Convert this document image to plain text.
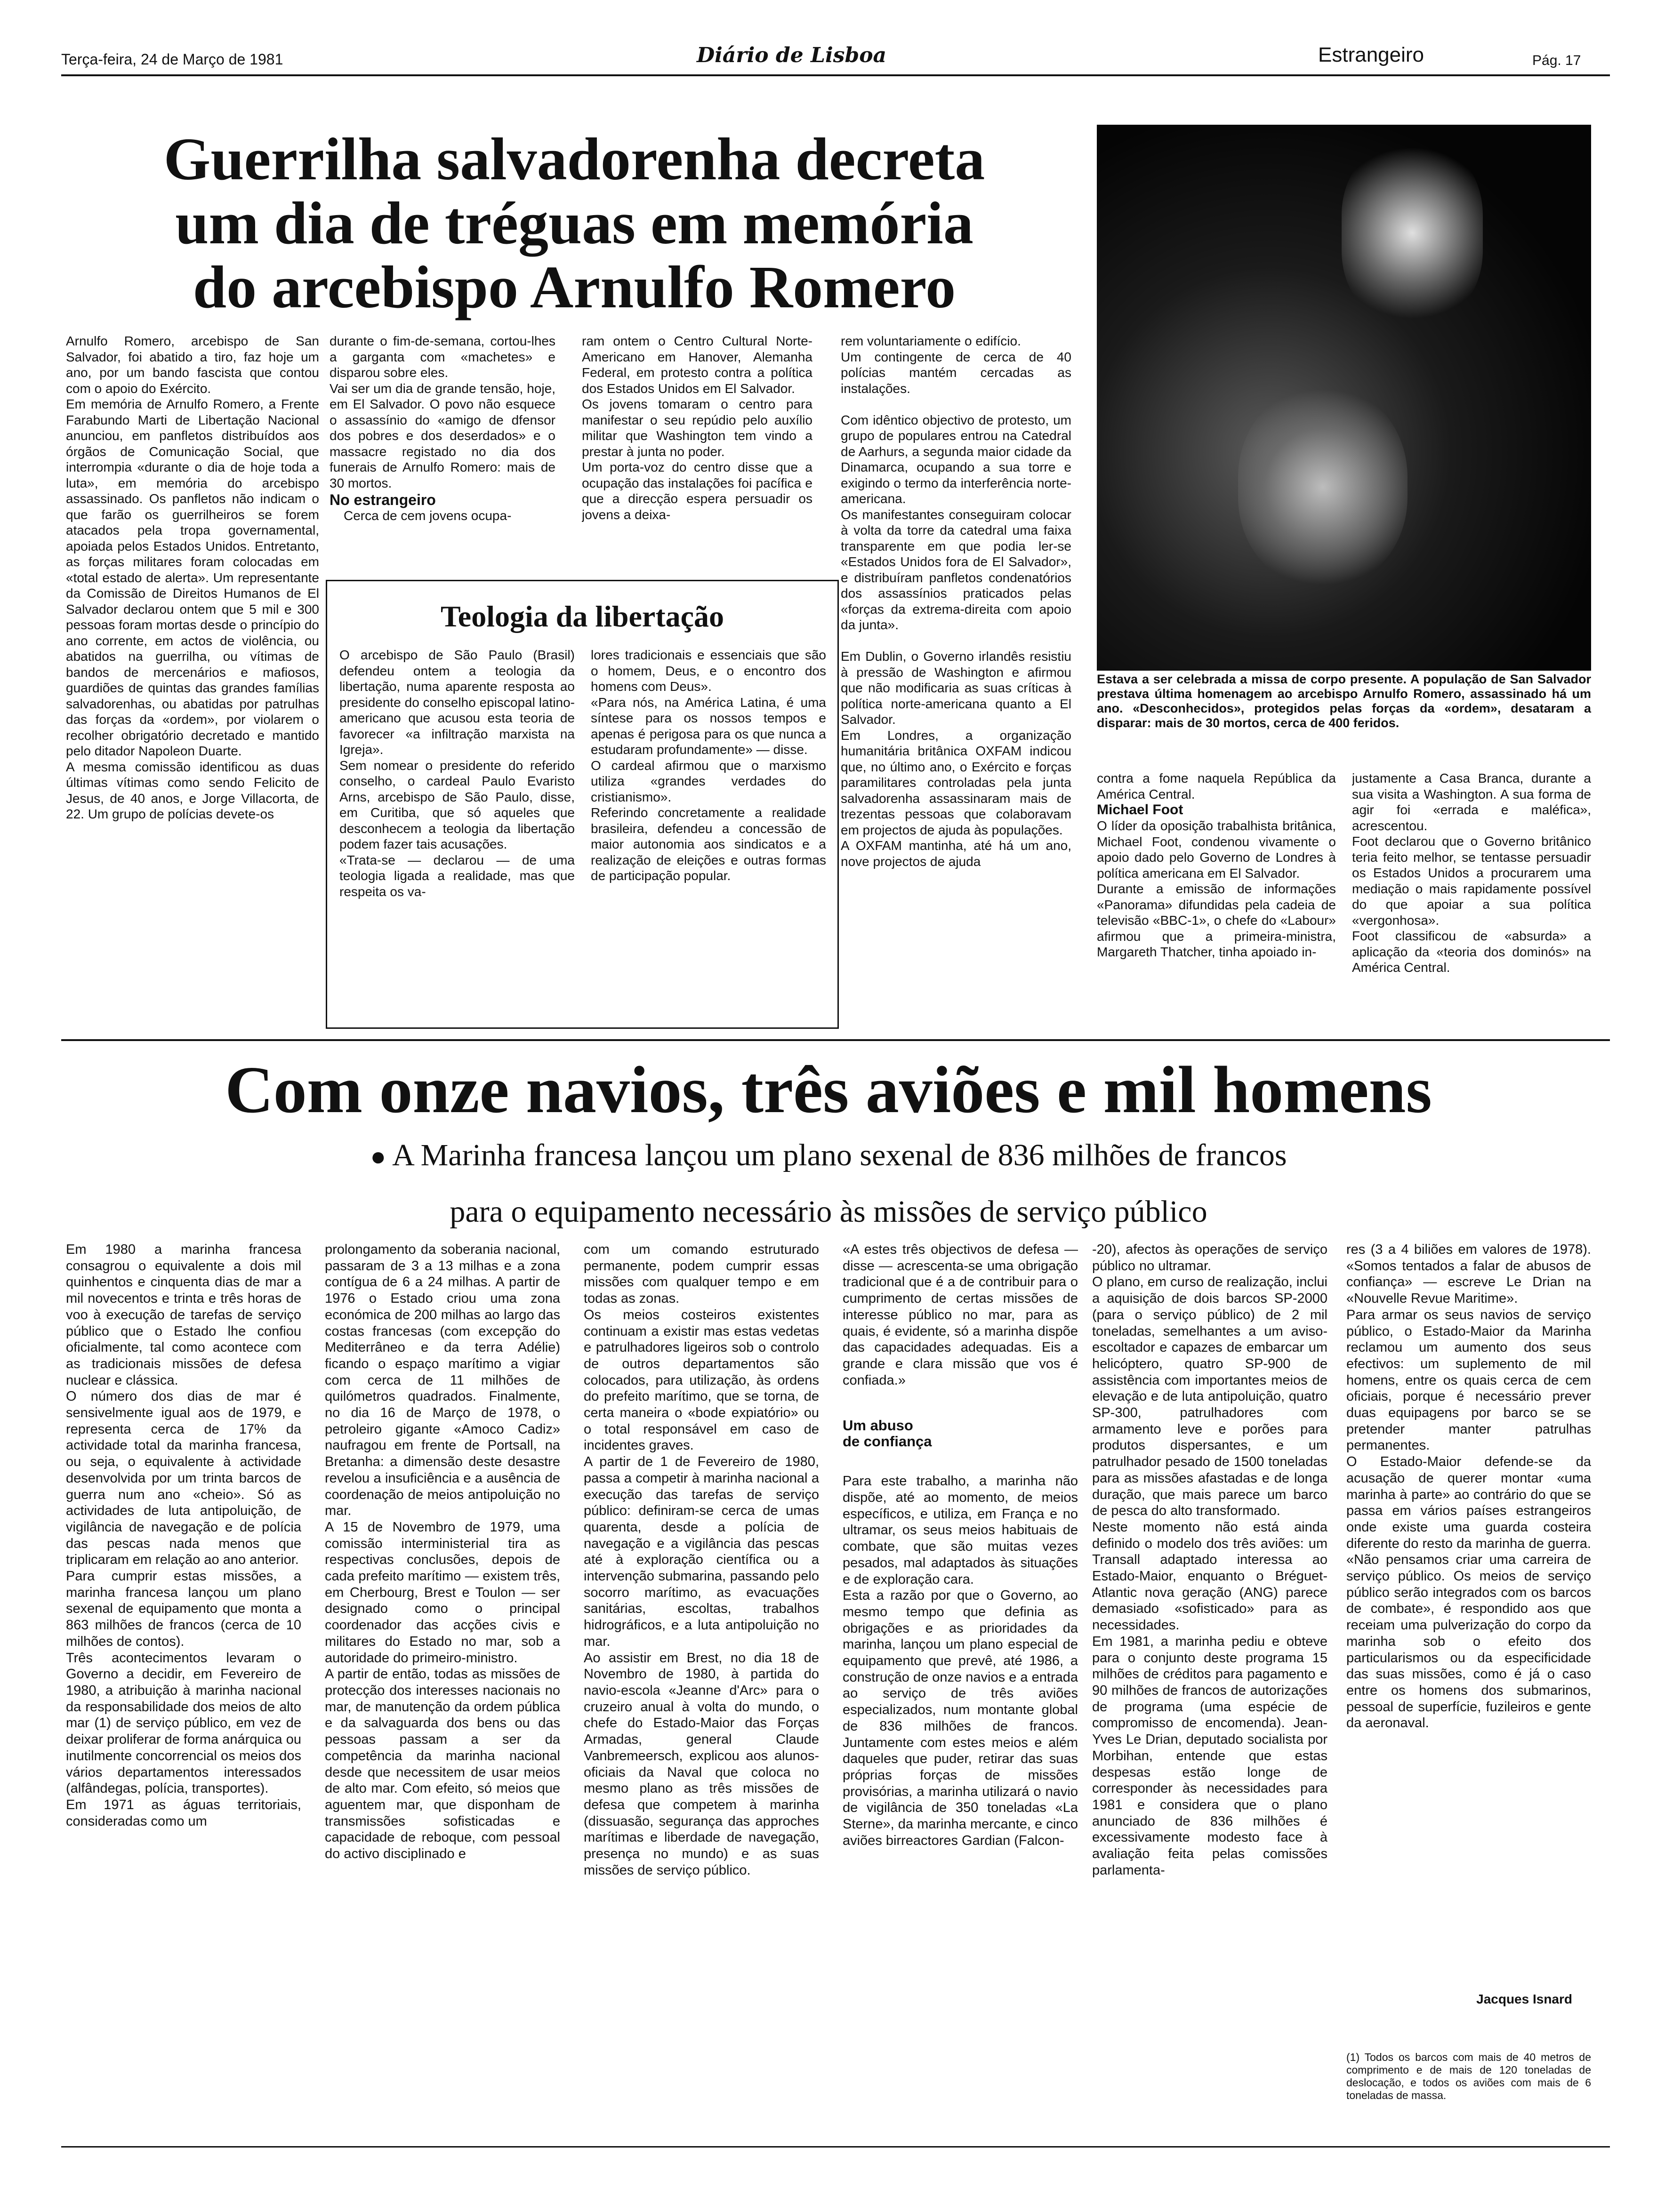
Terça-feira, 24 de Março de 1981	Diário de Lisboa	Estrangeiro	Pág. 17
Guerrilha salvadorenha decreta um dia de tréguas em memória do arcebispo Arnulfo Romero
Arnulfo Romero, arcebispo de San Salvador, foi abatido a tiro, faz hoje um ano, por um bando fascista que contou com o apoio do Exército.
Em memória de Arnulfo Romero, a Frente Farabundo Marti de Libertação Nacional anunciou, em panfletos distribuídos aos órgãos de Comunicação Social, que interrompia «durante o dia de hoje toda a luta», em memória do arcebispo assassinado. Os panfletos não indicam o que farão os guerrilheiros se forem atacados pela tropa governamental, apoiada pelos Estados Unidos. Entretanto, as forças militares foram colocadas em «total estado de alerta». Um representante da Comissão de Direitos Humanos de El Salvador declarou ontem que 5 mil e 300 pessoas foram mortas desde o princípio do ano corrente, em actos de violência, ou abatidos na guerrilha, ou vítimas de bandos de mercenários e mafiosos, guardiões de quintas das grandes famílias salvadorenhas, ou abatidas por patrulhas das forças da «ordem», por violarem o recolher obrigatório decretado e mantido pelo ditador Napoleon Duarte.
A mesma comissão identificou as duas últimas vítimas como sendo Felicito de Jesus, de 40 anos, e Jorge Villacorta, de 22. Um grupo de polícias devete-os
durante o fim-de-semana, cortou-lhes a garganta com «machetes» e disparou sobre eles.
Vai ser um dia de grande tensão, hoje, em El Salvador. O povo não esquece o assassínio do «amigo de dfensor dos pobres e dos deserdados» e o massacre registado no dia dos funerais de Arnulfo Romero: mais de 30 mortos.
No estrangeiro
Cerca de cem jovens ocupa-
ram ontem o Centro Cultural Norte-Americano em Hanover, Alemanha Federal, em protesto contra a política dos Estados Unidos em El Salvador.
Os jovens tomaram o centro para manifestar o seu repúdio pelo auxílio militar que Washington tem vindo a prestar à junta no poder.
Um porta-voz do centro disse que a ocupação das instalações foi pacífica e que a direcção espera persuadir os jovens a deixa-
rem voluntariamente o edifício.
Um contingente de cerca de 40 polícias mantém cercadas as instalações.

Com idêntico objectivo de protesto, um grupo de populares entrou na Catedral de Aarhurs, a segunda maior cidade da Dinamarca, ocupando a sua torre e exigindo o termo da interferência norte-americana.
Os manifestantes conseguiram colocar à volta da torre da catedral uma faixa transparente em que podia ler-se «Estados Unidos fora de El Salvador», e distribuíram panfletos condenatórios dos assassínios praticados pelas «forças da extrema-direita com apoio da junta».

Em Dublin, o Governo irlandês resistiu à pressão de Washington e afirmou que não modificaria as suas críticas à política norte-americana quanto a El Salvador.
Em Londres, a organização humanitária britânica OXFAM indicou que, no último ano, o Exército e forças paramilitares controladas pela junta salvadorenha assassinaram mais de trezentas pessoas que colaboravam em projectos de ajuda às populações.
A OXFAM mantinha, até há um ano, nove projectos de ajuda
Estava a ser celebrada a missa de corpo presente. A população de San Salvador prestava última homenagem ao arcebispo Arnulfo Romero, assassinado há um ano. «Desconhecidos», protegidos pelas forças da «ordem», desataram a disparar: mais de 30 mortos, cerca de 400 feridos.
contra a fome naquela República da América Central.
Michael Foot
O líder da oposição trabalhista britânica, Michael Foot, condenou vivamente o apoio dado pelo Governo de Londres à política americana em El Salvador.
Durante a emissão de informações «Panorama» difundidas pela cadeia de televisão «BBC-1», o chefe do «Labour» afirmou que a primeira-ministra, Margareth Thatcher, tinha apoiado in-
justamente a Casa Branca, durante a sua visita a Washington. A sua forma de agir foi «errada e maléfica», acrescentou.
Foot declarou que o Governo britânico teria feito melhor, se tentasse persuadir os Estados Unidos a procurarem uma mediação o mais rapidamente possível do que apoiar a sua política «vergonhosa».
Foot classificou de «absurda» a aplicação da «teoria dos dominós» na América Central.
Teologia da libertação
O arcebispo de São Paulo (Brasil) defendeu ontem a teologia da libertação, numa aparente resposta ao presidente do conselho episcopal latino-americano que acusou esta teoria de favorecer «a infiltração marxista na Igreja».
Sem nomear o presidente do referido conselho, o cardeal Paulo Evaristo Arns, arcebispo de São Paulo, disse, em Curitiba, que só aqueles que desconhecem a teologia da libertação podem fazer tais acusações.
«Trata-se — declarou — de uma teologia ligada a realidade, mas que respeita os va-
lores tradicionais e essenciais que são o homem, Deus, e o encontro dos homens com Deus».
«Para nós, na América Latina, é uma síntese para os nossos tempos e apenas é perigosa para os que nunca a estudaram profundamente» — disse.
O cardeal afirmou que o marxismo utiliza «grandes verdades do cristianismo».
Referindo concretamente a realidade brasileira, defendeu a concessão de maior autonomia aos sindicatos e a realização de eleições e outras formas de participação popular.
Com onze navios, três aviões e mil homens
● A Marinha francesa lançou um plano sexenal de 836 milhões de francos
para o equipamento necessário às missões de serviço público
Em 1980 a marinha francesa consagrou o equivalente a dois mil quinhentos e cinquenta dias de mar a mil novecentos e trinta e três horas de voo à execução de tarefas de serviço público que o Estado lhe confiou oficialmente, tal como acontece com as tradicionais missões de defesa nuclear e clássica.
O número dos dias de mar é sensivelmente igual aos de 1979, e representa cerca de 17% da actividade total da marinha francesa, ou seja, o equivalente à actividade desenvolvida por um trinta barcos de guerra num ano «cheio». Só as actividades de luta antipoluição, de vigilância de navegação e de polícia das pescas nada menos que triplicaram em relação ao ano anterior.
Para cumprir estas missões, a marinha francesa lançou um plano sexenal de equipamento que monta a 863 milhões de francos (cerca de 10 milhões de contos).
Três acontecimentos levaram o Governo a decidir, em Fevereiro de 1980, a atribuição à marinha nacional da responsabilidade dos meios de alto mar (1) de serviço público, em vez de deixar proliferar de forma anárquica ou inutilmente concorrencial os meios dos vários departamentos interessados (alfândegas, polícia, transportes).
Em 1971 as águas territoriais, consideradas como um
prolongamento da soberania nacional, passaram de 3 a 13 milhas e a zona contígua de 6 a 24 milhas. A partir de 1976 o Estado criou uma zona económica de 200 milhas ao largo das costas francesas (com excepção do Mediterrâneo e da terra Adélie) ficando o espaço marítimo a vigiar com cerca de 11 milhões de quilómetros quadrados. Finalmente, no dia 16 de Março de 1978, o petroleiro gigante «Amoco Cadiz» naufragou em frente de Portsall, na Bretanha: a dimensão deste desastre revelou a insuficiência e a ausência de coordenação de meios antipoluição no mar.
A 15 de Novembro de 1979, uma comissão interministerial tira as respectivas conclusões, depois de cada prefeito marítimo — existem três, em Cherbourg, Brest e Toulon — ser designado como o principal coordenador das acções civis e militares do Estado no mar, sob a autoridade do primeiro-ministro.
A partir de então, todas as missões de protecção dos interesses nacionais no mar, de manutenção da ordem pública e da salvaguarda dos bens ou das pessoas passam a ser da competência da marinha nacional desde que necessitem de usar meios de alto mar. Com efeito, só meios que aguentem mar, que disponham de transmissões sofisticadas e capacidade de reboque, com pessoal do activo disciplinado e
com um comando estruturado permanente, podem cumprir essas missões com qualquer tempo e em todas as zonas.
Os meios costeiros existentes continuam a existir mas estas vedetas e patrulhadores ligeiros sob o controlo de outros departamentos são colocados, para utilização, às ordens do prefeito marítimo, que se torna, de certa maneira o «bode expiatório» ou o total responsável em caso de incidentes graves.
A partir de 1 de Fevereiro de 1980, passa a competir à marinha nacional a execução das tarefas de serviço público: definiram-se cerca de umas quarenta, desde a polícia de navegação e a vigilância das pescas até à exploração científica ou a intervenção submarina, passando pelo socorro marítimo, as evacuações sanitárias, escoltas, trabalhos hidrográficos, e a luta antipoluição no mar.
Ao assistir em Brest, no dia 18 de Novembro de 1980, à partida do navio-escola «Jeanne d'Arc» para o cruzeiro anual à volta do mundo, o chefe do Estado-Maior das Forças Armadas, general Claude Vanbremeersch, explicou aos alunos-oficiais da Naval que coloca no mesmo plano as três missões de defesa que competem à marinha (dissuasão, segurança das approches marítimas e liberdade de navegação, presença no mundo) e as suas missões de serviço público.
«A estes três objectivos de defesa — disse — acrescenta-se uma obrigação tradicional que é a de contribuir para o cumprimento de certas missões de interesse público no mar, para as quais, é evidente, só a marinha dispõe das capacidades adequadas. Eis a grande e clara missão que vos é confiada.»
Um abuso
de confiança
Para este trabalho, a marinha não dispõe, até ao momento, de meios específicos, e utiliza, em França e no ultramar, os seus meios habituais de combate, que são muitas vezes pesados, mal adaptados às situações e de exploração cara.
Esta a razão por que o Governo, ao mesmo tempo que definia as obrigações e as prioridades da marinha, lançou um plano especial de equipamento que prevê, até 1986, a construção de onze navios e a entrada ao serviço de três aviões especializados, num montante global de 836 milhões de francos. Juntamente com estes meios e além daqueles que puder, retirar das suas próprias forças de missões provisórias, a marinha utilizará o navio de vigilância de 350 toneladas «La Sterne», da marinha mercante, e cinco aviões birreactores Gardian (Falcon-
-20), afectos às operações de serviço público no ultramar.
O plano, em curso de realização, inclui a aquisição de dois barcos SP-2000 (para o serviço público) de 2 mil toneladas, semelhantes a um aviso-escoltador e capazes de embarcar um helicóptero, quatro SP-900 de assistência com importantes meios de elevação e de luta antipoluição, quatro SP-300, patrulhadores com armamento leve e porões para produtos dispersantes, e um patrulhador pesado de 1500 toneladas para as missões afastadas e de longa duração, que mais parece um barco de pesca do alto transformado.
Neste momento não está ainda definido o modelo dos três aviões: um Transall adaptado interessa ao Estado-Maior, enquanto o Bréguet-Atlantic nova geração (ANG) parece demasiado «sofisticado» para as necessidades.
Em 1981, a marinha pediu e obteve para o conjunto deste programa 15 milhões de créditos para pagamento e 90 milhões de francos de autorizações de programa (uma espécie de compromisso de encomenda). Jean-Yves Le Drian, deputado socialista por Morbihan, entende que estas despesas estão longe de corresponder às necessidades para 1981 e considera que o plano anunciado de 836 milhões é excessivamente modesto face à avaliação feita pelas comissões parlamenta-
res (3 a 4 biliões em valores de 1978). «Somos tentados a falar de abusos de confiança» — escreve Le Drian na «Nouvelle Revue Maritime».
Para armar os seus navios de serviço público, o Estado-Maior da Marinha reclamou um aumento dos seus efectivos: um suplemento de mil homens, entre os quais cerca de cem oficiais, porque é necessário prever duas equipagens por barco se se pretender manter patrulhas permanentes.
O Estado-Maior defende-se da acusação de querer montar «uma marinha à parte» ao contrário do que se passa em vários países estrangeiros onde existe uma guarda costeira diferente do resto da marinha de guerra. «Não pensamos criar uma carreira de serviço público. Os meios de serviço público serão integrados com os barcos de combate», é respondido aos que receiam uma pulverização do corpo da marinha sob o efeito dos particularismos ou da especificidade das suas missões, como é já o caso entre os homens dos submarinos, pessoal de superfície, fuzileiros e gente da aeronaval.
Jacques Isnard
(1) Todos os barcos com mais de 40 metros de comprimento e de mais de 120 toneladas de deslocação, e todos os aviões com mais de 6 toneladas de massa.
